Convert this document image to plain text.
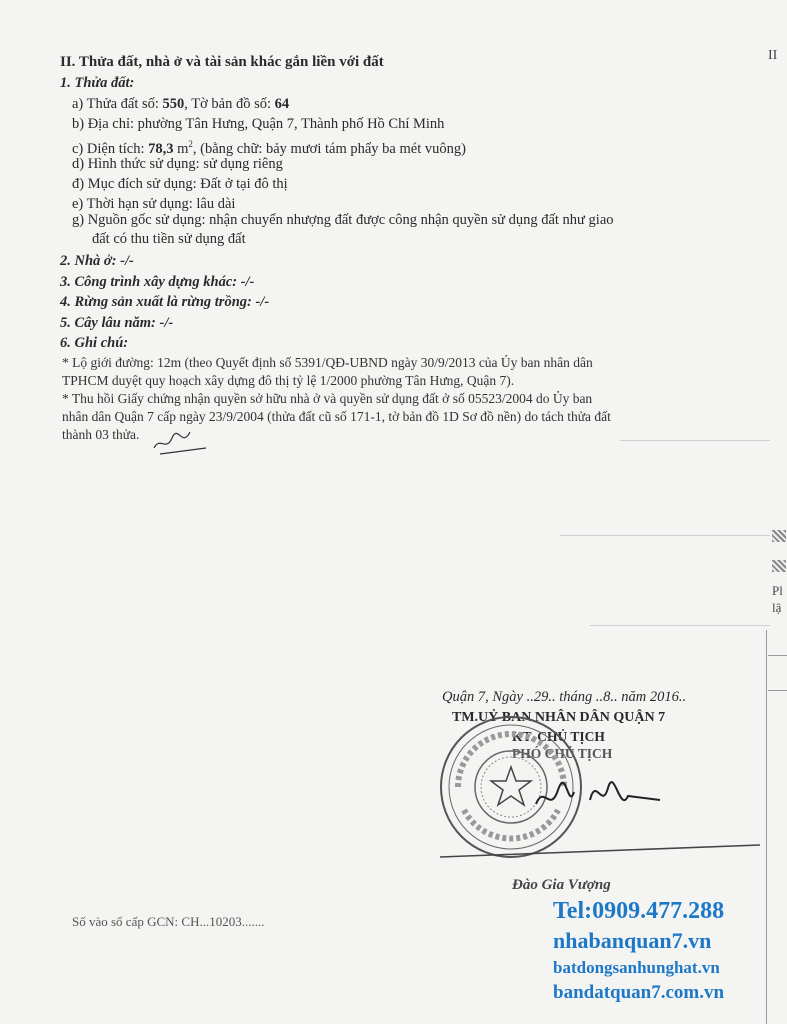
II
Pl
lậ
II. Thửa đất, nhà ở và tài sản khác gắn liền với đất
1. Thửa đất:
a) Thửa đất số: 550, Tờ bản đồ số: 64
b) Địa chỉ: phường Tân Hưng, Quận 7, Thành phố Hồ Chí Minh
c) Diện tích: 78,3 $m^2$, (bằng chữ: bảy mươi tám phẩy ba mét vuông)
d) Hình thức sử dụng: sử dụng riêng
đ) Mục đích sử dụng: Đất ở tại đô thị
e) Thời hạn sử dụng: lâu dài
g) Nguồn gốc sử dụng: nhận chuyển nhượng đất được công nhận quyền sử dụng đất như giao
đất có thu tiền sử dụng đất
2. Nhà ở: -/-
3. Công trình xây dựng khác: -/-
4. Rừng sản xuất là rừng trồng: -/-
5. Cây lâu năm: -/-
6. Ghi chú:
* Lộ giới đường: 12m (theo Quyết định số 5391/QĐ-UBND ngày 30/9/2013 của Ủy ban nhân dân
TPHCM duyệt quy hoạch xây dựng đô thị tỷ lệ 1/2000 phường Tân Hưng, Quận 7).
* Thu hồi Giấy chứng nhận quyền sở hữu nhà ở và quyền sử dụng đất ở số 05523/2004 do Ủy ban
nhân dân Quận 7 cấp ngày 23/9/2004 (thửa đất cũ số 171-1, tờ bản đồ 1D Sơ đồ nền) do tách thửa đất
thành 03 thửa.
Quận 7, Ngày ..29.. tháng ..8.. năm 2016..
TM.UỶ BAN NHÂN DÂN QUẬN 7
KT. CHỦ TỊCH
PHÓ CHỦ TỊCH
Đào Gia Vượng
Số vào sổ cấp GCN: CH...10203.......	Tel:0909.477.288
nhabanquan7.vn
batdongsanhunghat.vn
bandatquan7.com.vn
